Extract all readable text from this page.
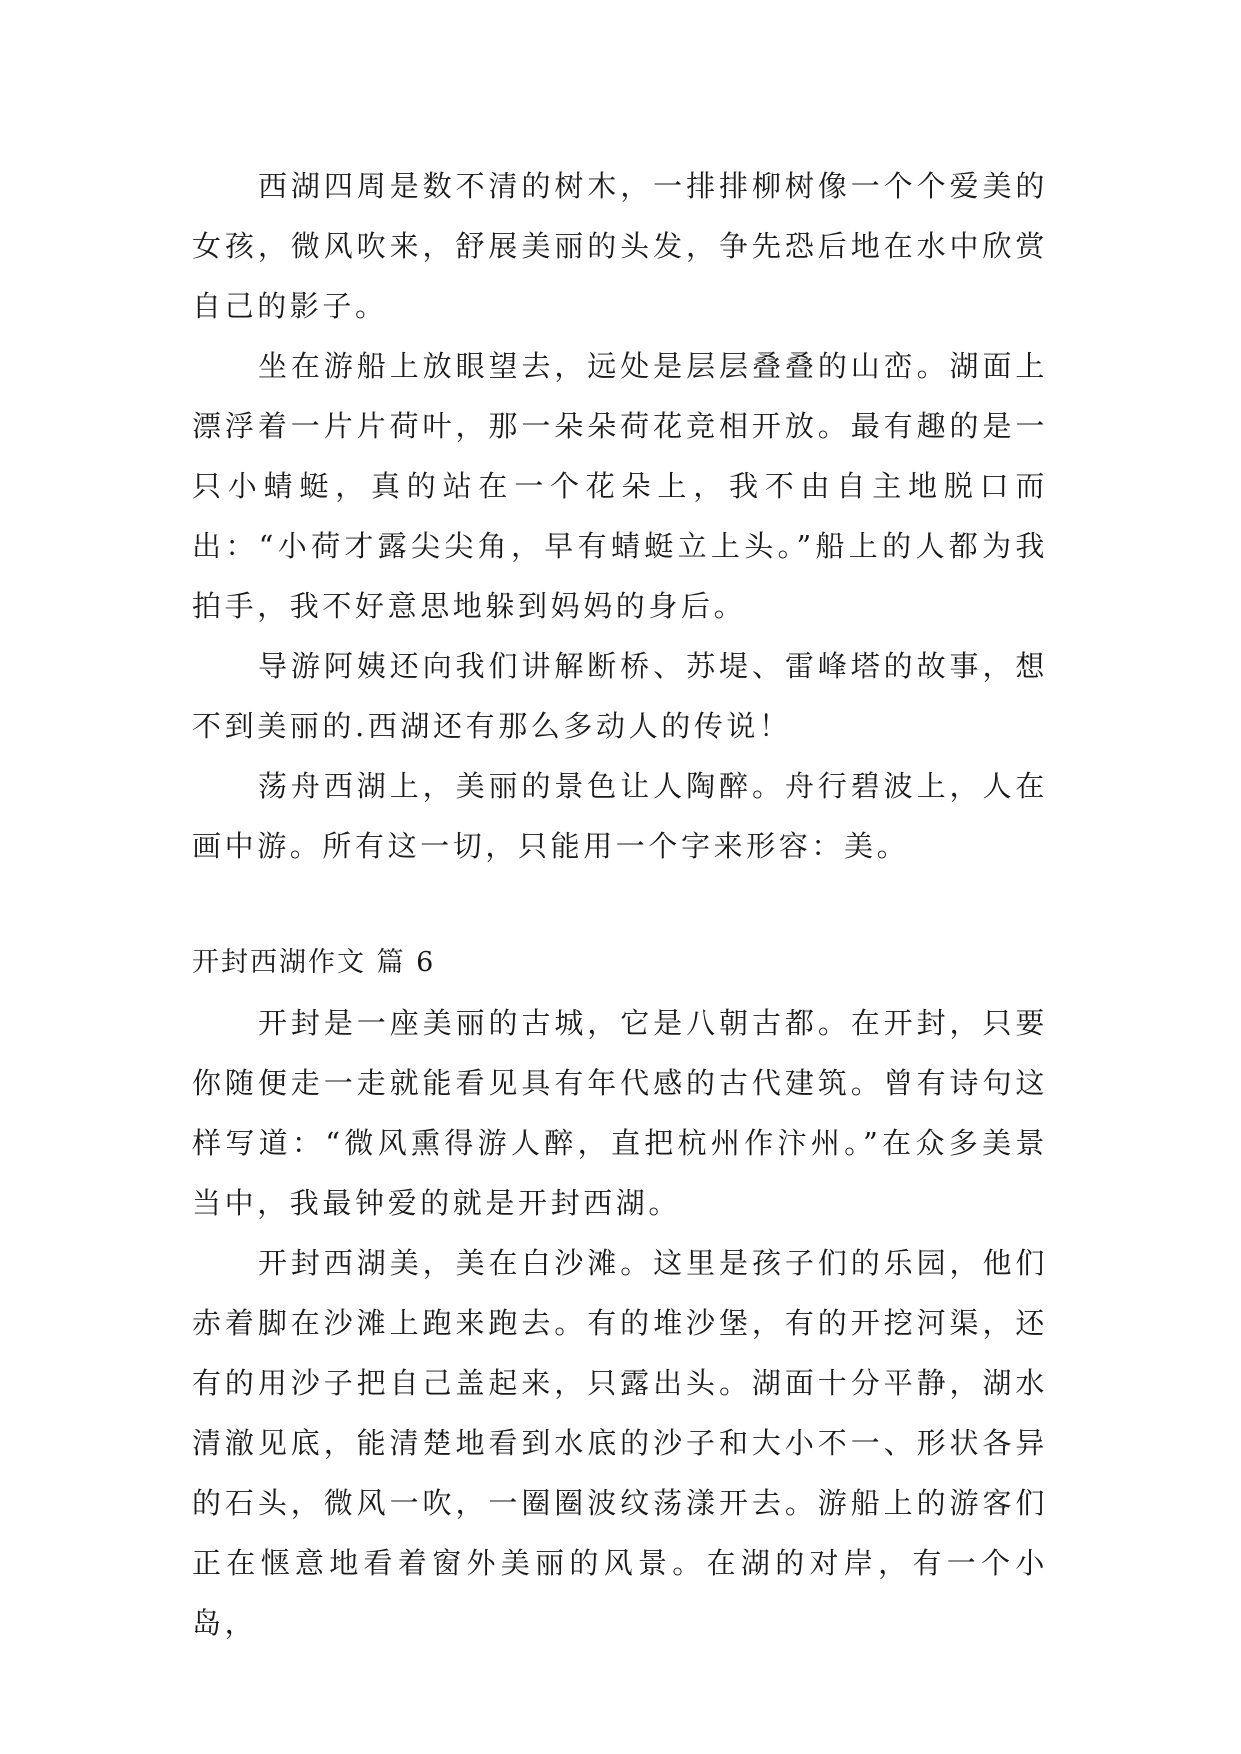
西湖四周是数不清的树木，一排排柳树像一个个爱美的女孩，微风吹来，舒展美丽的头发，争先恐后地在水中欣赏自己的影子。

坐在游船上放眼望去，远处是层层叠叠的山峦。湖面上漂浮着一片片荷叶，那一朵朵荷花竞相开放。最有趣的是一只小蜻蜓，真的站在一个花朵上，我不由自主地脱口而出：“小荷才露尖尖角，早有蜻蜓立上头。”船上的人都为我拍手，我不好意思地躲到妈妈的身后。

导游阿姨还向我们讲解断桥、苏堤、雷峰塔的故事，想不到美丽的.西湖还有那么多动人的传说！

荡舟西湖上，美丽的景色让人陶醉。舟行碧波上，人在画中游。所有这一切，只能用一个字来形容：美。

开封西湖作文 篇 6

开封是一座美丽的古城，它是八朝古都。在开封，只要你随便走一走就能看见具有年代感的古代建筑。曾有诗句这样写道：“微风熏得游人醉，直把杭州作汴州。”在众多美景当中，我最钟爱的就是开封西湖。

开封西湖美，美在白沙滩。这里是孩子们的乐园，他们赤着脚在沙滩上跑来跑去。有的堆沙堡，有的开挖河渠，还有的用沙子把自己盖起来，只露出头。湖面十分平静，湖水清澈见底，能清楚地看到水底的沙子和大小不一、形状各异的石头，微风一吹，一圈圈波纹荡漾开去。游船上的游客们正在惬意地看着窗外美丽的风景。在湖的对岸，有一个小岛，
